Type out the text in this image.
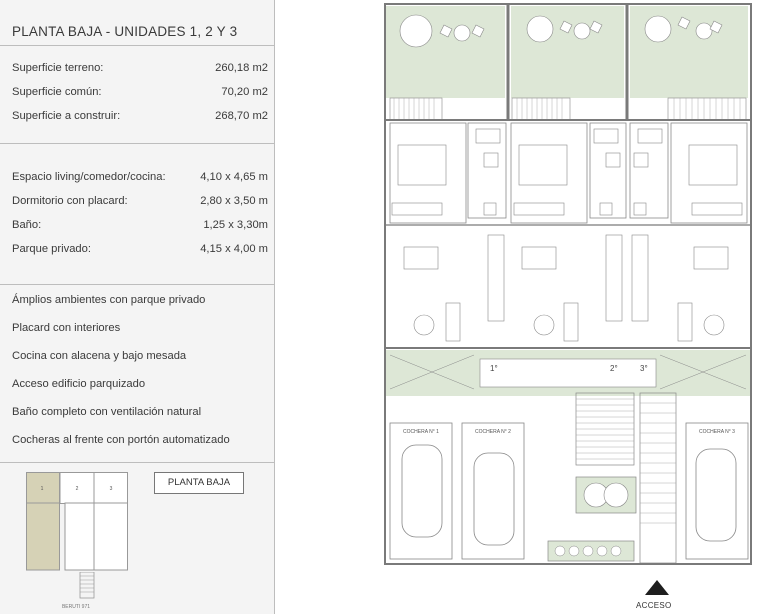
PLANTA BAJA - UNIDADES 1, 2 Y 3
Superficie terreno:	260,18 m2
Superficie común:	70,20 m2
Superficie a construir:	268,70 m2
Espacio living/comedor/cocina:	4,10 x 4,65 m
Dormitorio con placard:	2,80 x 3,50 m
Baño:	1,25 x 3,30m
Parque privado:	4,15 x 4,00 m
Ámplios ambientes con parque privado
Placard con interiores
Cocina con alacena y bajo mesada
Acceso edificio parquizado
Baño completo con ventilación natural
Cocheras al frente con portón automatizado
1	2	3
BERUTI 971
PLANTA BAJA
1°	2°	3°
COCHERA N° 1	COCHERA N° 2	COCHERA N° 3
ACCESO
